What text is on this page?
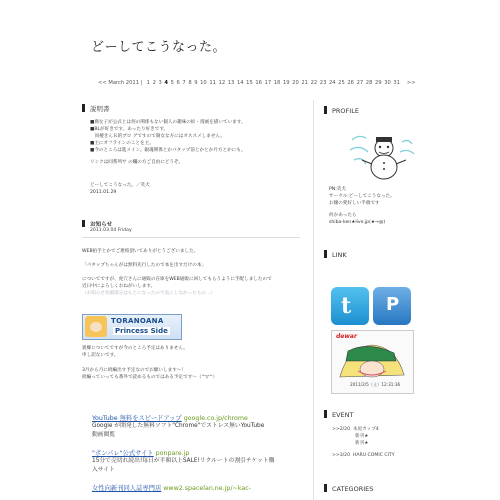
どーしてこうなった。
<< March 2011 | 1 2 3 4 5 6 7 8 9 10 11 12 13 14 15 16 17 18 19 20 21 22 23 24 25 26 27 28 29 30 31 >>
説明書
■腐女子が公式とは何の関係もない個人の趣味の絵・漫画を描いています。
■BLが好きです。あったり好きです。
　同棲きんＲ的ブロ グですので腐女な方にはオススメしません。
■主にオフラインのことを主。
■今のところは進メイン。銀魂関係とかパタップ前とかとか片方とかにも。
リンクは同系列サ の欄の方ご自由にどうぞ。
どーしてこうなった。／笑犬
2011.01.29
お知らせ
2011.03.04 Friday
WEB拍手とかでご連絡頂いてありがとうございました。
「パタップちゃんがは無料先行したので本を出すだけの本」
についてですが、虎穴さんに通販の在庫をWEB通販に回してもらうように手配しましたので
近日中によろしくおねがいします。
（お知らせ先頭部分はもとになったので気にしなかったもの…）
TORANOANA
Princess Side
異郷についてですが今のところ予定はありません。
申し訳ないです。
3月から月に続編出す予定なのでお願いします〜！
続編っていっても番外で読めるものではある予定です〜（^▽^）
YouTube 無料をスピードアップ google.co.jp/chrome
Google が開発した無料ソフト"Chrome"でストレス無いYouTube
動画閲覧
"ポンパレ"公式サイト ponpare.jp
15分で売切れ続出!毎日が半額以上SALE!リクルートの割引チケット購
入サイト
女性向新刊同人誌専門店 www2.spacelan.ne.jp/~kac-
PROFILE
PN:笑犬
サークル:どーしてこうなった。
お嬢の愛好しい半端です
何かあったら
shiba-ken★live.jp(★→@)
LINK
t P
dewar
2011/2/5（土）12:31:36
EVENT
>>2/20 本屋カップ4
新刊★
新刊★
>>3/20 HARU COMIC CITY
CATEGORIES
